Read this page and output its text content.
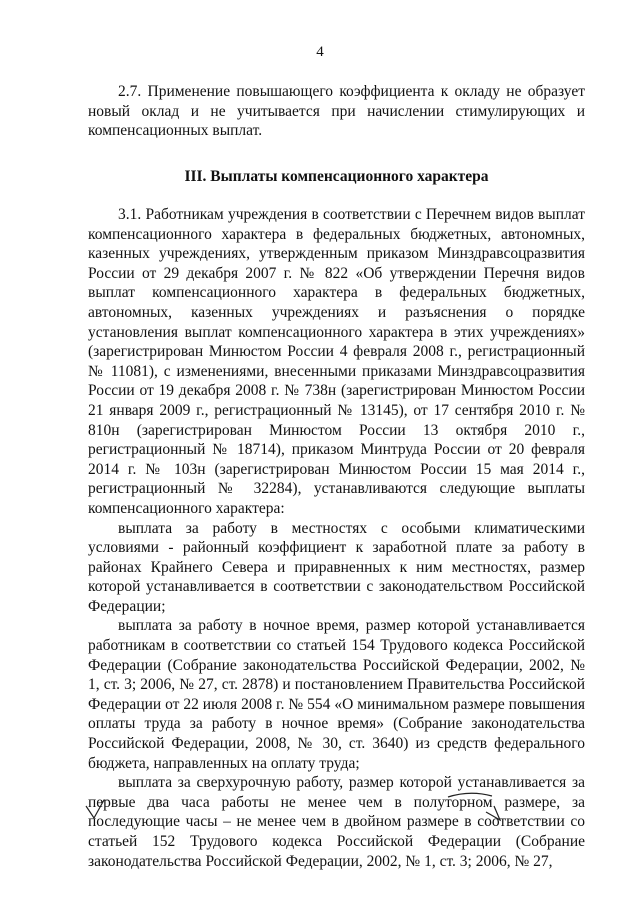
4

2.7. Применение повышающего коэффициента к окладу не образует новый оклад и не учитывается при начислении стимулирующих и компенсационных выплат.

III. Выплаты компенсационного характера

3.1. Работникам учреждения в соответствии с Перечнем видов выплат компенсационного характера в федеральных бюджетных, автономных, казенных учреждениях, утвержденным приказом Минздравсоцразвития России от 29 декабря 2007 г. № 822 «Об утверждении Перечня видов выплат компенсационного характера в федеральных бюджетных, автономных, казенных учреждениях и разъяснения о порядке установления выплат компенсационного характера в этих учреждениях» (зарегистрирован Минюстом России 4 февраля 2008 г., регистрационный № 11081), с изменениями, внесенными приказами Минздравсоцразвития России от 19 декабря 2008 г. № 738н (зарегистрирован Минюстом России 21 января 2009 г., регистрационный № 13145), от 17 сентября 2010 г. № 810н (зарегистрирован Минюстом России 13 октября 2010 г., регистрационный № 18714), приказом Минтруда России от 20 февраля 2014 г. № 103н (зарегистрирован Минюстом России 15 мая 2014 г., регистрационный № 32284), устанавливаются следующие выплаты компенсационного характера:

выплата за работу в местностях с особыми климатическими условиями - районный коэффициент к заработной плате за работу в районах Крайнего Севера и приравненных к ним местностях, размер которой устанавливается в соответствии с законодательством Российской Федерации;

выплата за работу в ночное время, размер которой устанавливается работникам в соответствии со статьей 154 Трудового кодекса Российской Федерации (Собрание законодательства Российской Федерации, 2002, № 1, ст. 3; 2006, № 27, ст. 2878) и постановлением Правительства Российской Федерации от 22 июля 2008 г. № 554 «О минимальном размере повышения оплаты труда за работу в ночное время» (Собрание законодательства Российской Федерации, 2008, № 30, ст. 3640) из средств федерального бюджета, направленных на оплату труда;

выплата за сверхурочную работу, размер которой устанавливается за первые два часа работы не менее чем в полуторном размере, за последующие часы – не менее чем в двойном размере в соответствии со статьей 152 Трудового кодекса Российской Федерации (Собрание законодательства Российской Федерации, 2002, № 1, ст. 3; 2006, № 27,
